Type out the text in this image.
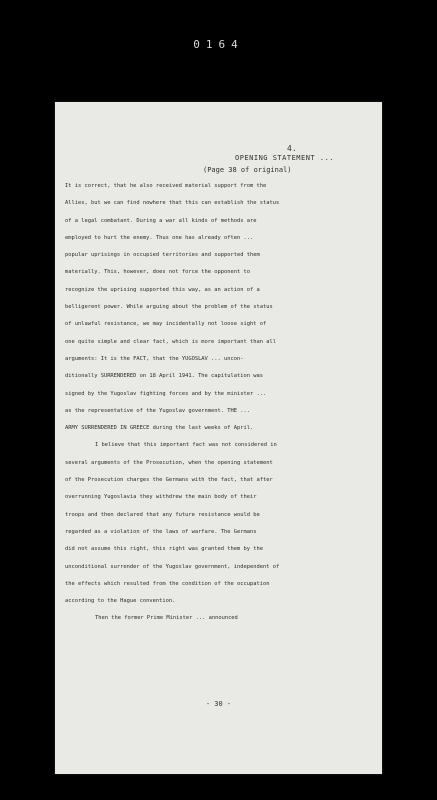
0164
4.
OPENING STATEMENT ...
(Page 38 of original)
It is correct, that he also received material support from the
Allies, but we can find nowhere that this can establish the status
of a legal combatant. During a war all kinds of methods are
employed to hurt the enemy. Thus one has already often ...
popular uprisings in occupied territories and supported them
materially. This, however, does not force the opponent to
recognize the uprising supported this way, as an action of a
belligerent power. While arguing about the problem of the status
of unlawful resistance, we may incidentally not loose sight of
one quite simple and clear fact, which is more important than all
arguments: It is the FACT, that the YUGOSLAV ... uncon-
ditionally SURRENDERED on 18 April 1941. The capitulation was
signed by the Yugoslav fighting forces and by the minister ...
as the representative of the Yugoslav government. THE ...
ARMY SURRENDERED IN GREECE during the last weeks of April.
I believe that this important fact was not considered in
several arguments of the Prosecution, when the opening statement
of the Prosecution charges the Germans with the fact, that after
overrunning Yugoslavia they withdrew the main body of their
troops and then declared that any future resistance would be
regarded as a violation of the laws of warfare. The Germans
did not assume this right, this right was granted them by the
unconditional surrender of the Yugoslav government, independent of
the effects which resulted from the condition of the occupation
according to the Hague convention.
Then the former Prime Minister ... announced
- 30 -
